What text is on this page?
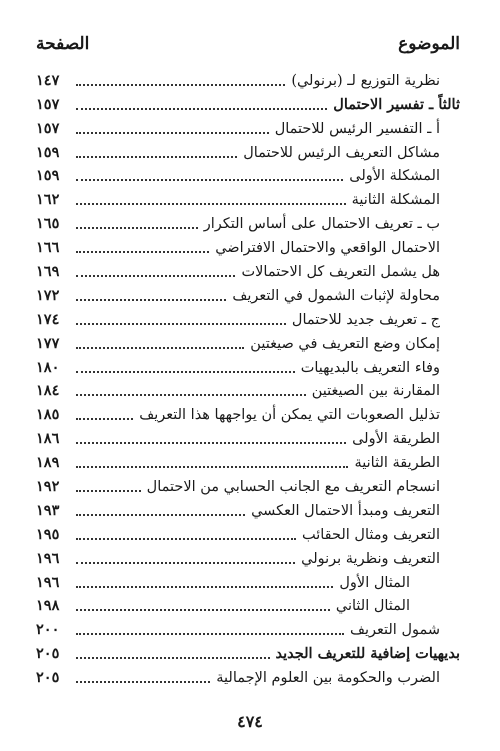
الموضوع
الصفحة
نظرية التوزيع لـ (برنولي)
١٤٧
ثالثاً ـ تفسير الاحتمال
١٥٧
أ ـ التفسير الرئيس للاحتمال
١٥٧
مشاكل التعريف الرئيس للاحتمال
١٥٩
المشكلة الأولى
١٥٩
المشكلة الثانية
١٦٢
ب ـ تعريف الاحتمال على أساس التكرار
١٦٥
الاحتمال الواقعي والاحتمال الافتراضي
١٦٦
هل يشمل التعريف كل الاحتمالات
١٦٩
محاولة لإثبات الشمول في التعريف
١٧٢
ج ـ تعريف جديد للاحتمال
١٧٤
إمكان وضع التعريف في صيغتين
١٧٧
وفاء التعريف بالبديهيات
١٨٠
المقارنة بين الصيغتين
١٨٤
تذليل الصعوبات التي يمكن أن يواجهها هذا التعريف
١٨٥
الطريقة الأولى
١٨٦
الطريقة الثانية
١٨٩
انسجام التعريف مع الجانب الحسابي من الاحتمال
١٩٢
التعريف ومبدأ الاحتمال العكسي
١٩٣
التعريف ومثال الحقائب
١٩٥
التعريف ونظرية برنولي
١٩٦
المثال الأول
١٩٦
المثال الثاني
١٩٨
شمول التعريف
٢٠٠
بديهيات إضافية للتعريف الجديد
٢٠٥
الضرب والحكومة بين العلوم الإجمالية
٢٠٥
٤٧٤
